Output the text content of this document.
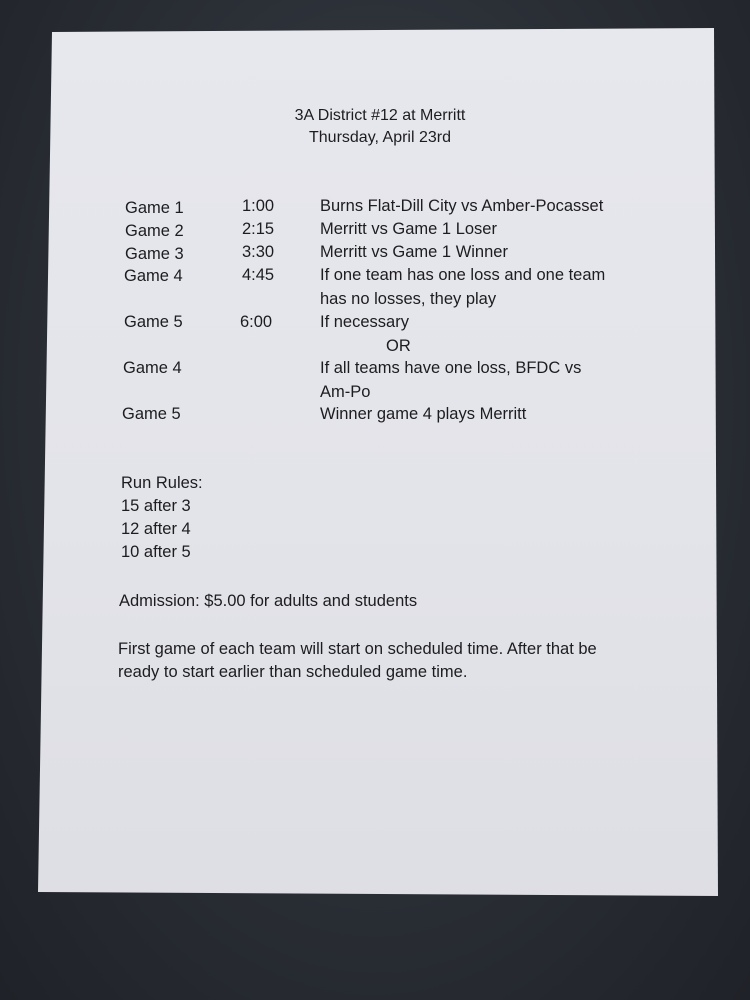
3A District #12 at Merritt
Thursday, April 23rd
Game 1	1:00	Burns Flat-Dill City vs Amber-Pocasset
Game 2	2:15	Merritt vs Game 1 Loser
Game 3	3:30	Merritt vs Game 1 Winner
Game 4	4:45	If one team has one loss and one team
has no losses, they play
Game 5	6:00	If necessary
OR
Game 4	If all teams have one loss, BFDC vs
Am-Po
Game 5	Winner game 4 plays Merritt
Run Rules:
15 after 3
12 after 4
10 after 5
Admission: $5.00 for adults and students
First game of each team will start on scheduled time. After that be
ready to start earlier than scheduled game time.
